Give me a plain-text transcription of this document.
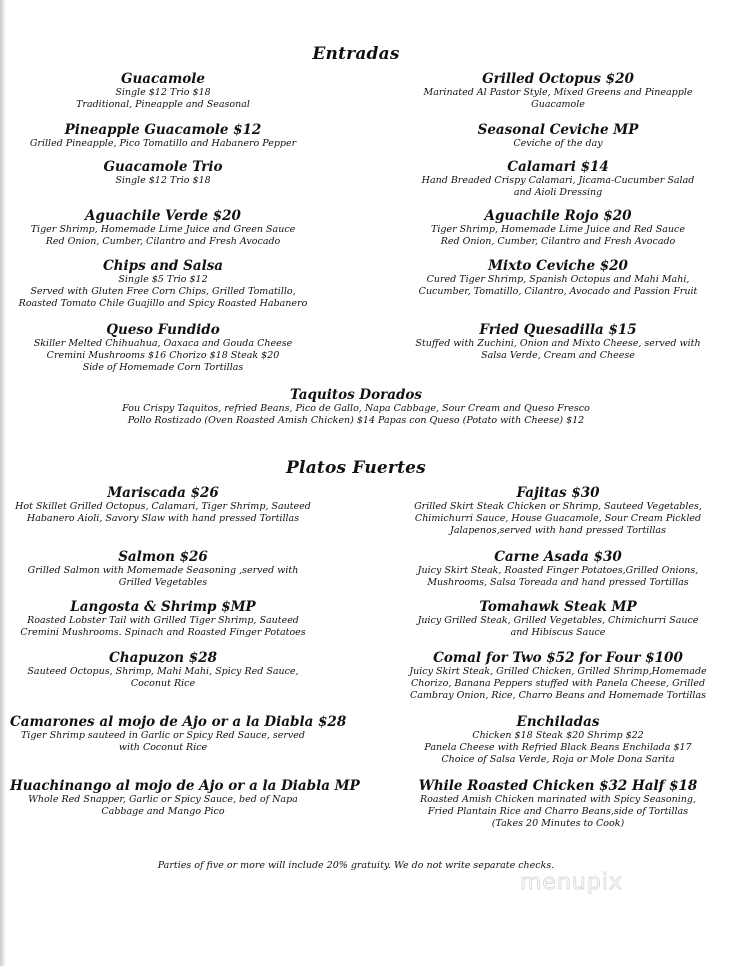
Entradas
Guacamole
Single $12 Trio $18
Traditional, Pineapple and Seasonal
Pineapple Guacamole $12
Grilled Pineapple, Pico Tomatillo and Habanero Pepper
Guacamole Trio
Single $12 Trio $18
Aguachile Verde $20
Tiger Shrimp, Homemade Lime Juice and Green Sauce
Red Onion, Cumber, Cilantro and Fresh Avocado
Chips and Salsa
Single $5 Trio $12
Served with Gluten Free Corn Chips, Grilled Tomatillo,
Roasted Tomato Chile Guajillo and Spicy Roasted Habanero
Queso Fundido
Skiller Melted Chihuahua, Oaxaca and Gouda Cheese
Cremini Mushrooms $16 Chorizo $18 Steak $20
Side of Homemade Corn Tortillas
Grilled Octopus $20
Marinated Al Pastor Style, Mixed Greens and Pineapple
Guacamole
Seasonal Ceviche MP
Ceviche of the day
Calamari $14
Hand Breaded Crispy Calamari, Jicama-Cucumber Salad
and Aioli Dressing
Aguachile Rojo $20
Tiger Shrimp, Homemade Lime Juice and Red Sauce
Red Onion, Cumber, Cilantro and Fresh Avocado
Mixto Ceviche $20
Cured Tiger Shrimp, Spanish Octopus and Mahi Mahi,
Cucumber, Tomatillo, Cilantro, Avocado and Passion Fruit
Fried Quesadilla $15
Stuffed with Zuchini, Onion and Mixto Cheese, served with
Salsa Verde, Cream and Cheese
Taquitos Dorados
Fou Crispy Taquitos, refried Beans, Pico de Gallo, Napa Cabbage, Sour Cream and Queso Fresco
Pollo Rostizado (Oven Roasted Amish Chicken) $14 Papas con Queso (Potato with Cheese) $12
Platos Fuertes
Mariscada $26
Hot Skillet Grilled Octopus, Calamari, Tiger Shrimp, Sauteed
Habanero Aioli, Savory Slaw with hand pressed Tortillas
Salmon $26
Grilled Salmon with Momemade Seasoning ,served with
Grilled Vegetables
Langosta & Shrimp $MP
Roasted Lobster Tail with Grilled Tiger Shrimp, Sauteed
Cremini Mushrooms. Spinach and Roasted Finger Potatoes
Chapuzon $28
Sauteed Octopus, Shrimp, Mahi Mahi, Spicy Red Sauce,
Coconut Rice
Camarones al mojo de Ajo or a la Diabla $28
Tiger Shrimp sauteed in Garlic or Spicy Red Sauce, served
with Coconut Rice
Huachinango al mojo de Ajo or a la Diabla MP
Whole Red Snapper, Garlic or Spicy Sauce, bed of Napa
Cabbage and Mango Pico
Fajitas $30
Grilled Skirt Steak Chicken or Shrimp, Sauteed Vegetables,
Chimichurri Sauce, House Guacamole, Sour Cream Pickled
Jalapenos,served with hand pressed Tortillas
Carne Asada $30
Juicy Skirt Steak, Roasted Finger Potatoes,Grilled Onions,
Mushrooms, Salsa Toreada and hand pressed Tortillas
Tomahawk Steak MP
Juicy Grilled Steak, Grilled Vegetables, Chimichurri Sauce
and Hibiscus Sauce
Comal for Two $52 for Four $100
Juicy Skirt Steak, Grilled Chicken, Grilled Shrimp,Homemade
Chorizo, Banana Peppers stuffed with Panela Cheese, Grilled
Cambray Onion, Rice, Charro Beans and Homemade Tortillas
Enchiladas
Chicken $18 Steak $20 Shrimp $22
Panela Cheese with Refried Black Beans Enchilada $17
Choice of Salsa Verde, Roja or Mole Dona Sarita
While Roasted Chicken $32 Half $18
Roasted Amish Chicken marinated with Spicy Seasoning,
Fried Plantain Rice and Charro Beans,side of Tortillas
(Takes 20 Minutes to Cook)
Parties of five or more will include 20% gratuity. We do not write separate checks.
menupix
